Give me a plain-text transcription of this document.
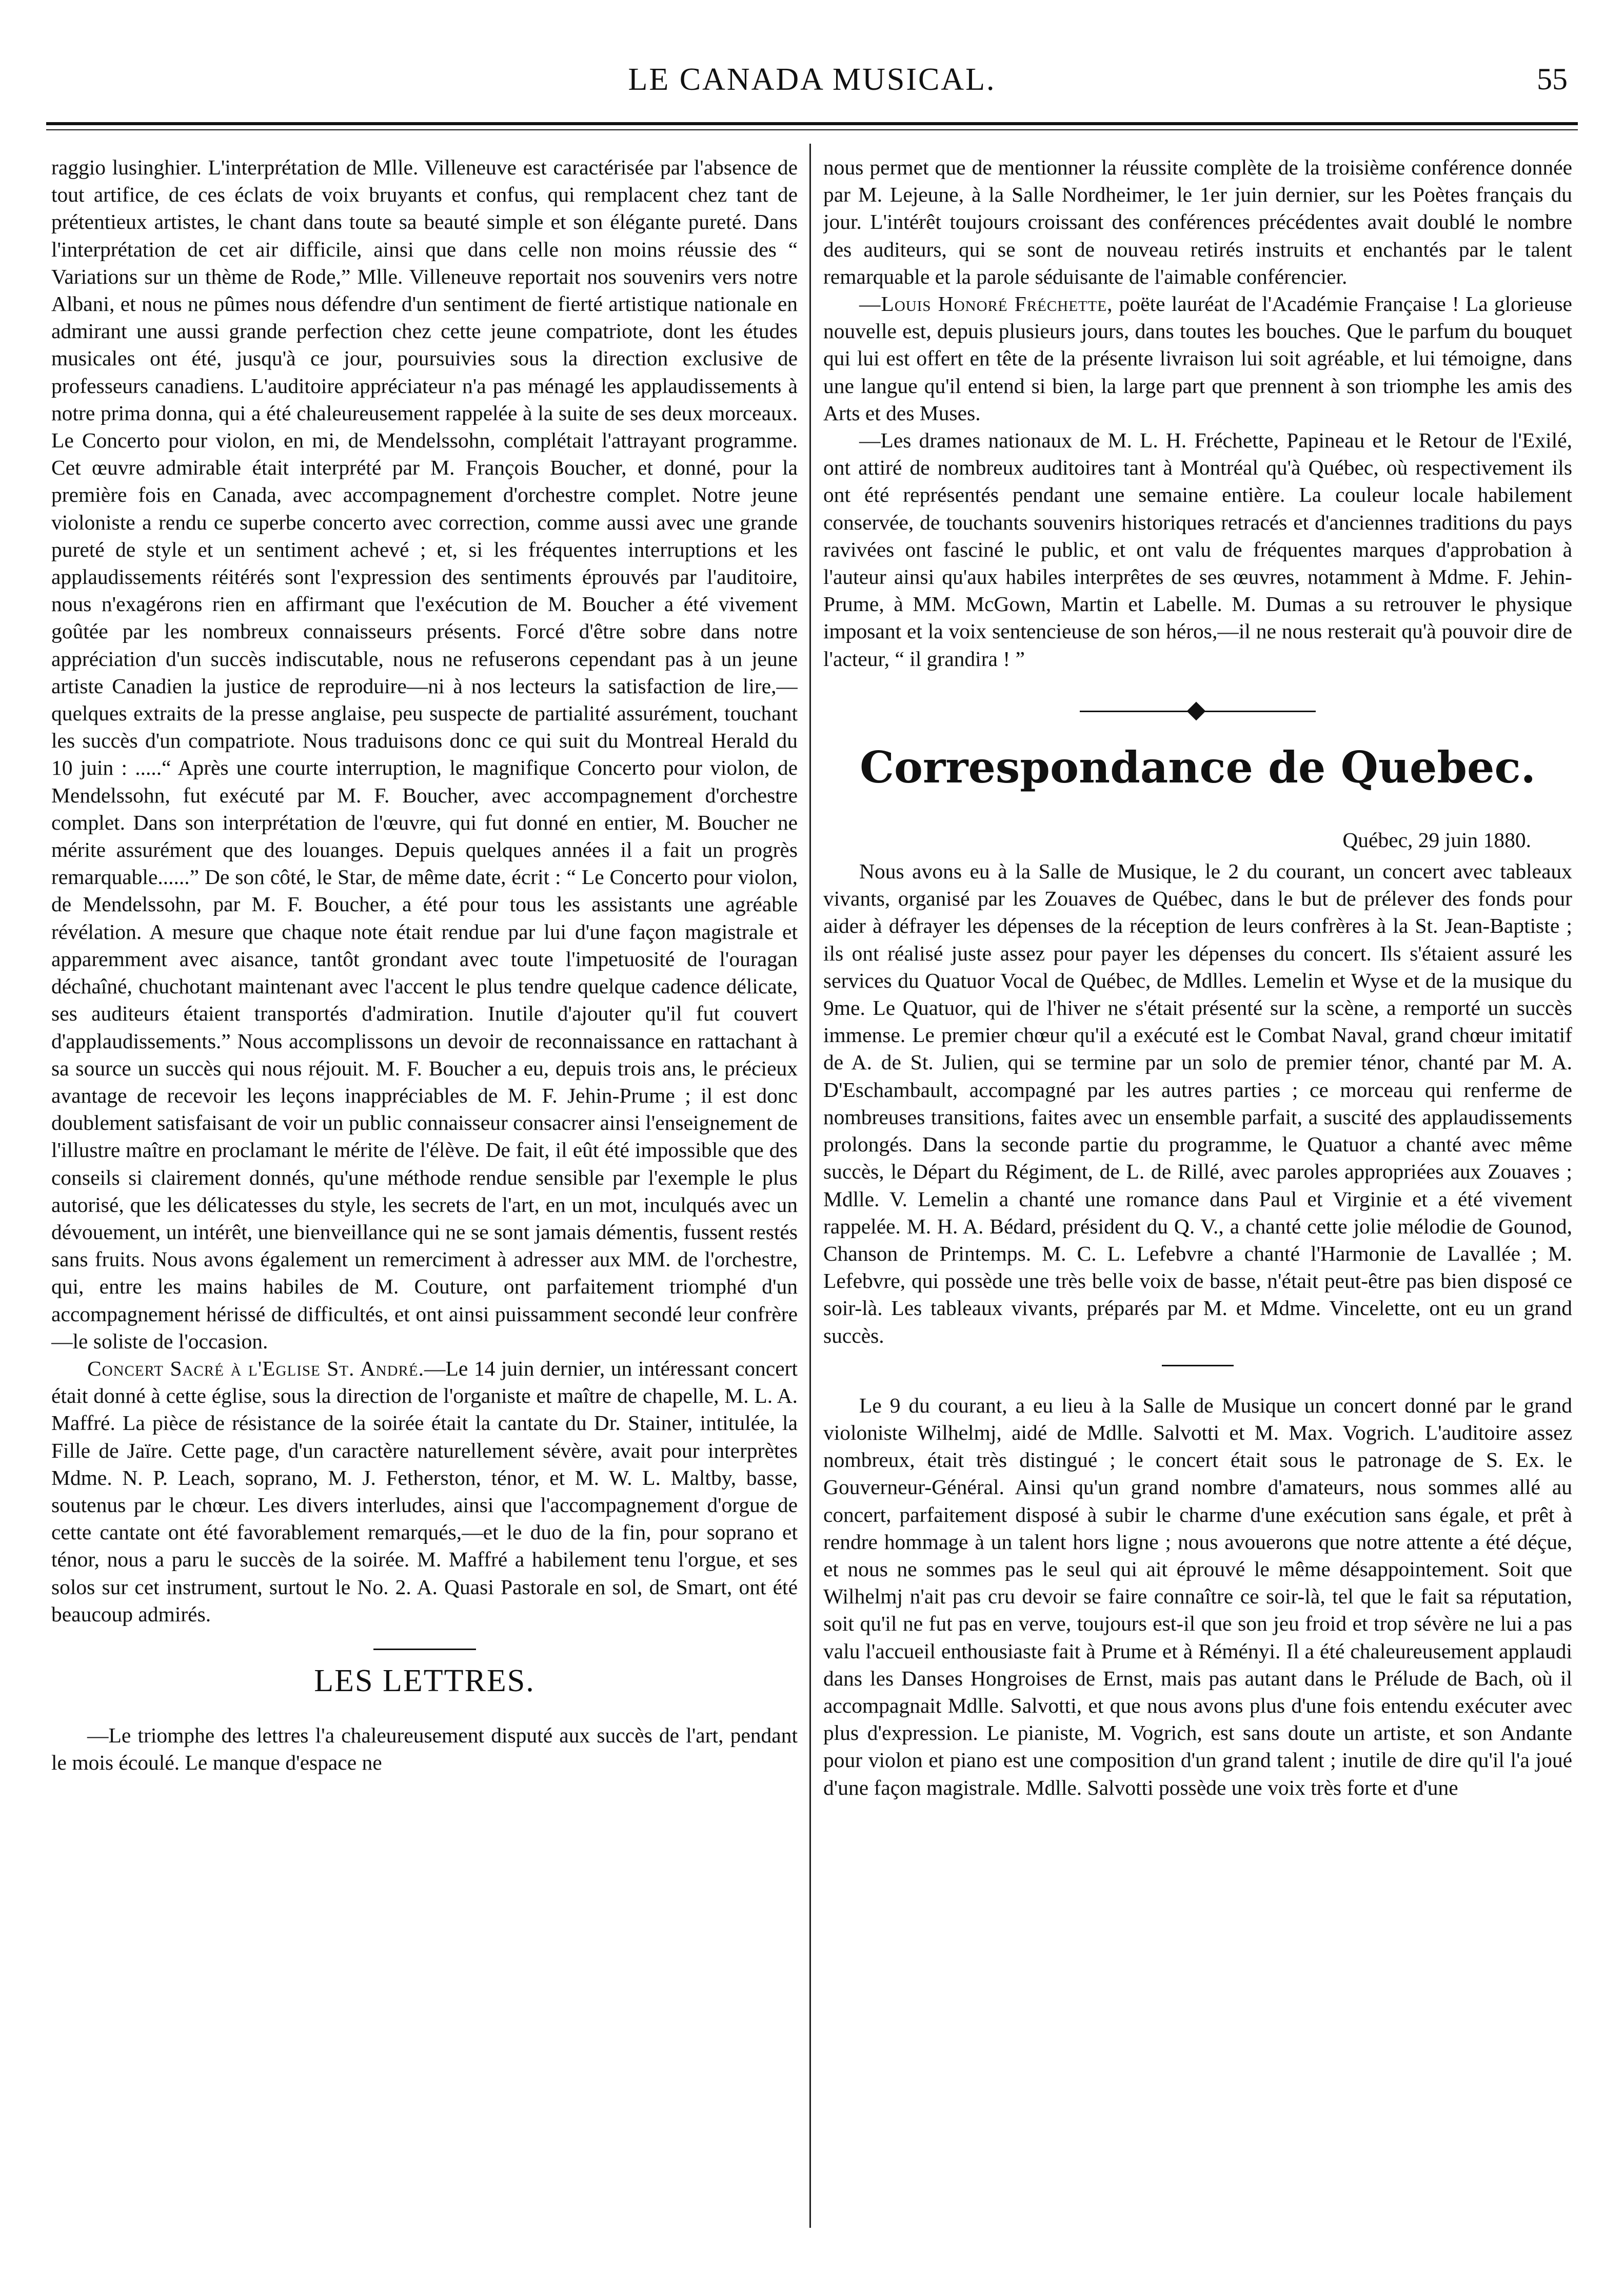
LE CANADA MUSICAL.	55

raggio lusinghier. L'interprétation de Mlle. Villeneuve est caractérisée par l'absence de tout artifice, de ces éclats de voix bruyants et confus, qui remplacent chez tant de prétentieux artistes, le chant dans toute sa beauté simple et son élégante pureté. Dans l'interprétation de cet air difficile, ainsi que dans celle non moins réussie des “ Variations sur un thème de Rode,” Mlle. Villeneuve reportait nos souvenirs vers notre Albani, et nous ne pûmes nous défendre d'un sentiment de fierté artistique nationale en admirant une aussi grande perfection chez cette jeune compatriote, dont les études musicales ont été, jusqu'à ce jour, poursuivies sous la direction exclusive de professeurs canadiens. L'auditoire appréciateur n'a pas ménagé les applaudissements à notre prima donna, qui a été chaleureusement rappelée à la suite de ses deux morceaux. Le Concerto pour violon, en mi, de Mendelssohn, complétait l'attrayant programme. Cet œuvre admirable était interprété par M. François Boucher, et donné, pour la première fois en Canada, avec accompagnement d'orchestre complet. Notre jeune violoniste a rendu ce superbe concerto avec correction, comme aussi avec une grande pureté de style et un sentiment achevé ; et, si les fréquentes interruptions et les applaudissements réitérés sont l'expression des sentiments éprouvés par l'auditoire, nous n'exagérons rien en affirmant que l'exécution de M. Boucher a été vivement goûtée par les nombreux connaisseurs présents. Forcé d'être sobre dans notre appréciation d'un succès indiscutable, nous ne refuserons cependant pas à un jeune artiste Canadien la justice de reproduire—ni à nos lecteurs la satisfaction de lire,—quelques extraits de la presse anglaise, peu suspecte de partialité assurément, touchant les succès d'un compatriote. Nous traduisons donc ce qui suit du Montreal Herald du 10 juin : .....“ Après une courte interruption, le magnifique Concerto pour violon, de Mendelssohn, fut exécuté par M. F. Boucher, avec accompagnement d'orchestre complet. Dans son interprétation de l'œuvre, qui fut donné en entier, M. Boucher ne mérite assurément que des louanges. Depuis quelques années il a fait un progrès remarquable......” De son côté, le Star, de même date, écrit : “ Le Concerto pour violon, de Mendelssohn, par M. F. Boucher, a été pour tous les assistants une agréable révélation. A mesure que chaque note était rendue par lui d'une façon magistrale et apparemment avec aisance, tantôt grondant avec toute l'impetuosité de l'ouragan déchaîné, chuchotant maintenant avec l'accent le plus tendre quelque cadence délicate, ses auditeurs étaient transportés d'admiration. Inutile d'ajouter qu'il fut couvert d'applaudissements.” Nous accomplissons un devoir de reconnaissance en rattachant à sa source un succès qui nous réjouit. M. F. Boucher a eu, depuis trois ans, le précieux avantage de recevoir les leçons inappréciables de M. F. Jehin-Prume ; il est donc doublement satisfaisant de voir un public connaisseur consacrer ainsi l'enseignement de l'illustre maître en proclamant le mérite de l'élève. De fait, il eût été impossible que des conseils si clairement donnés, qu'une méthode rendue sensible par l'exemple le plus autorisé, que les délicatesses du style, les secrets de l'art, en un mot, inculqués avec un dévouement, un intérêt, une bienveillance qui ne se sont jamais démentis, fussent restés sans fruits. Nous avons également un remerciment à adresser aux MM. de l'orchestre, qui, entre les mains habiles de M. Couture, ont parfaitement triomphé d'un accompagnement hérissé de difficultés, et ont ainsi puissamment secondé leur confrère—le soliste de l'occasion.

Concert Sacré à l'Eglise St. André.—Le 14 juin dernier, un intéressant concert était donné à cette église, sous la direction de l'organiste et maître de chapelle, M. L. A. Maffré. La pièce de résistance de la soirée était la cantate du Dr. Stainer, intitulée, la Fille de Jaïre. Cette page, d'un caractère naturellement sévère, avait pour interprètes Mdme. N. P. Leach, soprano, M. J. Fetherston, ténor, et M. W. L. Maltby, basse, soutenus par le chœur. Les divers interludes, ainsi que l'accompagnement d'orgue de cette cantate ont été favorablement remarqués,—et le duo de la fin, pour soprano et ténor, nous a paru le succès de la soirée. M. Maffré a habilement tenu l'orgue, et ses solos sur cet instrument, surtout le No. 2. A. Quasi Pastorale en sol, de Smart, ont été beaucoup admirés.

LES LETTRES.

—Le triomphe des lettres l'a chaleureusement disputé aux succès de l'art, pendant le mois écoulé. Le manque d'espace ne

nous permet que de mentionner la réussite complète de la troisième conférence donnée par M. Lejeune, à la Salle Nordheimer, le 1er juin dernier, sur les Poètes français du jour. L'intérêt toujours croissant des conférences précédentes avait doublé le nombre des auditeurs, qui se sont de nouveau retirés instruits et enchantés par le talent remarquable et la parole séduisante de l'aimable conférencier.

—Louis Honoré Fréchette, poëte lauréat de l'Académie Française ! La glorieuse nouvelle est, depuis plusieurs jours, dans toutes les bouches. Que le parfum du bouquet qui lui est offert en tête de la présente livraison lui soit agréable, et lui témoigne, dans une langue qu'il entend si bien, la large part que prennent à son triomphe les amis des Arts et des Muses.

—Les drames nationaux de M. L. H. Fréchette, Papineau et le Retour de l'Exilé, ont attiré de nombreux auditoires tant à Montréal qu'à Québec, où respectivement ils ont été représentés pendant une semaine entière. La couleur locale habilement conservée, de touchants souvenirs historiques retracés et d'anciennes traditions du pays ravivées ont fasciné le public, et ont valu de fréquentes marques d'approbation à l'auteur ainsi qu'aux habiles interprêtes de ses œuvres, notamment à Mdme. F. Jehin-Prume, à MM. McGown, Martin et Labelle. M. Dumas a su retrouver le physique imposant et la voix sentencieuse de son héros,—il ne nous resterait qu'à pouvoir dire de l'acteur, “ il grandira ! ”

Correspondance de Quebec.

Québec, 29 juin 1880.

Nous avons eu à la Salle de Musique, le 2 du courant, un concert avec tableaux vivants, organisé par les Zouaves de Québec, dans le but de prélever des fonds pour aider à défrayer les dépenses de la réception de leurs confrères à la St. Jean-Baptiste ; ils ont réalisé juste assez pour payer les dépenses du concert. Ils s'étaient assuré les services du Quatuor Vocal de Québec, de Mdlles. Lemelin et Wyse et de la musique du 9me. Le Quatuor, qui de l'hiver ne s'était présenté sur la scène, a remporté un succès immense. Le premier chœur qu'il a exécuté est le Combat Naval, grand chœur imitatif de A. de St. Julien, qui se termine par un solo de premier ténor, chanté par M. A. D'Eschambault, accompagné par les autres parties ; ce morceau qui renferme de nombreuses transitions, faites avec un ensemble parfait, a suscité des applaudissements prolongés. Dans la seconde partie du programme, le Quatuor a chanté avec même succès, le Départ du Régiment, de L. de Rillé, avec paroles appropriées aux Zouaves ; Mdlle. V. Lemelin a chanté une romance dans Paul et Virginie et a été vivement rappelée. M. H. A. Bédard, président du Q. V., a chanté cette jolie mélodie de Gounod, Chanson de Printemps. M. C. L. Lefebvre a chanté l'Harmonie de Lavallée ; M. Lefebvre, qui possède une très belle voix de basse, n'était peut-être pas bien disposé ce soir-là. Les tableaux vivants, préparés par M. et Mdme. Vincelette, ont eu un grand succès.

Le 9 du courant, a eu lieu à la Salle de Musique un concert donné par le grand violoniste Wilhelmj, aidé de Mdlle. Salvotti et M. Max. Vogrich. L'auditoire assez nombreux, était très distingué ; le concert était sous le patronage de S. Ex. le Gouverneur-Général. Ainsi qu'un grand nombre d'amateurs, nous sommes allé au concert, parfaitement disposé à subir le charme d'une exécution sans égale, et prêt à rendre hommage à un talent hors ligne ; nous avouerons que notre attente a été déçue, et nous ne sommes pas le seul qui ait éprouvé le même désappointement. Soit que Wilhelmj n'ait pas cru devoir se faire connaître ce soir-là, tel que le fait sa réputation, soit qu'il ne fut pas en verve, toujours est-il que son jeu froid et trop sévère ne lui a pas valu l'accueil enthousiaste fait à Prume et à Réményi. Il a été chaleureusement applaudi dans les Danses Hongroises de Ernst, mais pas autant dans le Prélude de Bach, où il accompagnait Mdlle. Salvotti, et que nous avons plus d'une fois entendu exécuter avec plus d'expression. Le pianiste, M. Vogrich, est sans doute un artiste, et son Andante pour violon et piano est une composition d'un grand talent ; inutile de dire qu'il l'a joué d'une façon magistrale. Mdlle. Salvotti possède une voix très forte et d'une
